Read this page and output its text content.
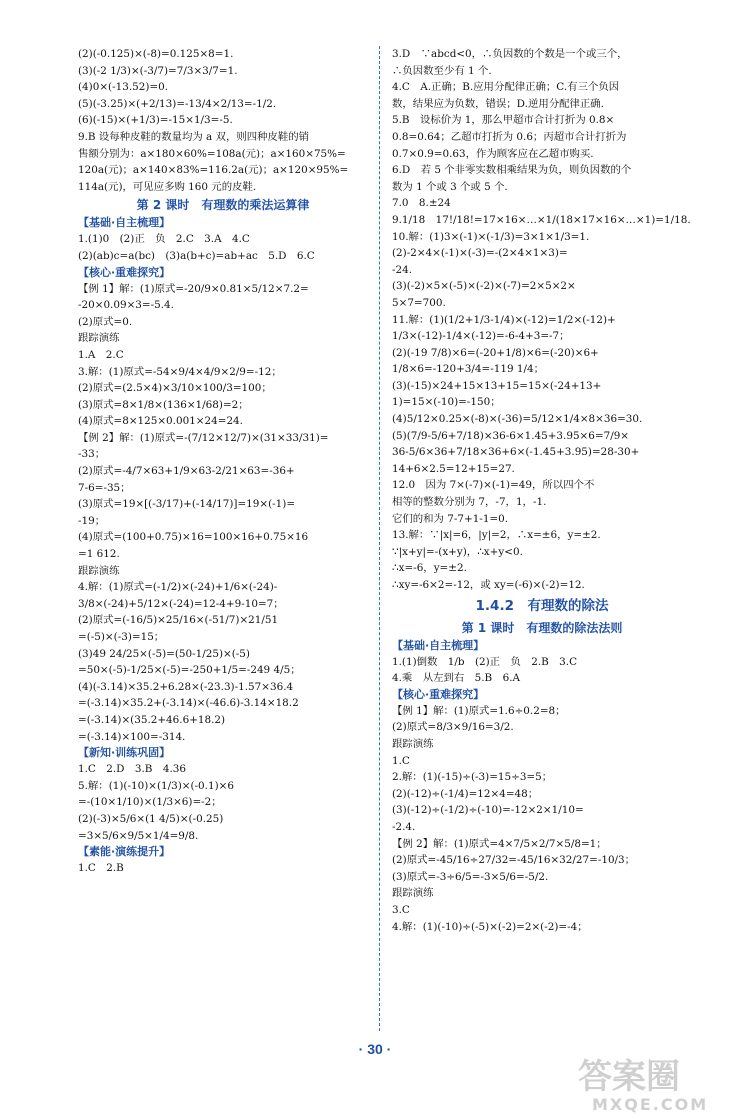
(2)(-0.125)×(-8)=0.125×8=1.
(3)(-2 1/3)×(-3/7)=7/3×3/7=1.
(4)0×(-13.52)=0.
(5)(-3.25)×(+2/13)=-13/4×2/13=-1/2.
(6)(-15)×(+1/3)=-15×1/3=-5.
9.B 设每种皮鞋的数量均为 a 双，则四种皮鞋的销
售额分别为：a×180×60%=108a(元)；a×160×75%=
120a(元)；a×140×83%=116.2a(元)；a×120×95%=
114a(元)，可见应多购 160 元的皮鞋.
第 2 课时　有理数的乘法运算律
【基础·自主梳理】
1.(1)0　(2)正　负　2.C　3.A　4.C
(2)(ab)c=a(bc)　(3)a(b+c)=ab+ac　5.D　6.C
【核心·重难探究】
【例 1】解：(1)原式=-20/9×0.81×5/12×7.2=
-20×0.09×3=-5.4.
(2)原式=0.
跟踪演练
1.A　2.C
3.解：(1)原式=-54×9/4×4/9×2/9=-12；
(2)原式=(2.5×4)×3/10×100/3=100；
(3)原式=8×1/8×(136×1/68)=2；
(4)原式=8×125×0.001×24=24.
【例 2】解：(1)原式=-(7/12×12/7)×(31×33/31)=
-33；
(2)原式=-4/7×63+1/9×63-2/21×63=-36+
7-6=-35；
(3)原式=19×[(-3/17)+(-14/17)]=19×(-1)=
-19；
(4)原式=(100+0.75)×16=100×16+0.75×16
=1 612.
跟踪演练
4.解：(1)原式=(-1/2)×(-24)+1/6×(-24)-
3/8×(-24)+5/12×(-24)=12-4+9-10=7；
(2)原式=(-16/5)×25/16×(-51/7)×21/51
=(-5)×(-3)=15；
(3)49 24/25×(-5)=(50-1/25)×(-5)
=50×(-5)-1/25×(-5)=-250+1/5=-249 4/5；
(4)(-3.14)×35.2+6.28×(-23.3)-1.57×36.4
=(-3.14)×35.2+(-3.14)×(-46.6)-3.14×18.2
=(-3.14)×(35.2+46.6+18.2)
=(-3.14)×100=-314.
【新知·训练巩固】
1.C　2.D　3.B　4.36
5.解：(1)(-10)×(1/3)×(-0.1)×6
=-(10×1/10)×(1/3×6)=-2；
(2)(-3)×5/6×(1 4/5)×(-0.25)
=3×5/6×9/5×1/4=9/8.
【素能·演练提升】
1.C　2.B
3.D　∵abcd<0，∴负因数的个数是一个或三个，
∴负因数至少有 1 个.
4.C　A.正确；B.应用分配律正确；C.有三个负因
数，结果应为负数，错误；D.逆用分配律正确.
5.B　设标价为 1，那么甲超市合计打折为 0.8×
0.8=0.64；乙超市打折为 0.6；丙超市合计打折为
0.7×0.9=0.63，作为顾客应在乙超市购买.
6.D　若 5 个非零实数相乘结果为负，则负因数的个
数为 1 个或 3 个或 5 个.
7.0　8.±24
9.1/18　17!/18!=17×16×…×1/(18×17×16×…×1)=1/18.
10.解：(1)3×(-1)×(-1/3)=3×1×1/3=1.
(2)-2×4×(-1)×(-3)=-(2×4×1×3)=
-24.
(3)(-2)×5×(-5)×(-2)×(-7)=2×5×2×
5×7=700.
11.解：(1)(1/2+1/3-1/4)×(-12)=1/2×(-12)+
1/3×(-12)-1/4×(-12)=-6-4+3=-7；
(2)(-19 7/8)×6=(-20+1/8)×6=(-20)×6+
1/8×6=-120+3/4=-119 1/4；
(3)(-15)×24+15×13+15=15×(-24+13+
1)=15×(-10)=-150；
(4)5/12×0.25×(-8)×(-36)=5/12×1/4×8×36=30.
(5)(7/9-5/6+7/18)×36-6×1.45+3.95×6=7/9×
36-5/6×36+7/18×36+6×(-1.45+3.95)=28-30+
14+6×2.5=12+15=27.
12.0　因为 7×(-7)×(-1)=49，所以四个不
相等的整数分别为 7，-7，1，-1.
它们的和为 7-7+1-1=0.
13.解：∵|x|=6，|y|=2，∴x=±6，y=±2.
∵|x+y|=-(x+y)，∴x+y<0.
∴x=-6，y=±2.
∴xy=-6×2=-12，或 xy=(-6)×(-2)=12.
1.4.2　有理数的除法
第 1 课时　有理数的除法法则
【基础·自主梳理】
1.(1)倒数　1/b　(2)正　负　2.B　3.C
4.乘　从左到右　5.B　6.A
【核心·重难探究】
【例 1】解：(1)原式=1.6÷0.2=8；
(2)原式=8/3×9/16=3/2.
跟踪演练
1.C
2.解：(1)(-15)÷(-3)=15÷3=5；
(2)(-12)÷(-1/4)=12×4=48；
(3)(-12)÷(-1/2)÷(-10)=-12×2×1/10=
-2.4.
【例 2】解：(1)原式=4×7/5×2/7×5/8=1；
(2)原式=-45/16÷27/32=-45/16×32/27=-10/3；
(3)原式=-3÷6/5=-3×5/6=-5/2.
跟踪演练
3.C
4.解：(1)(-10)÷(-5)×(-2)=2×(-2)=-4；
· 30 ·
答案圈
MXQE.COM
